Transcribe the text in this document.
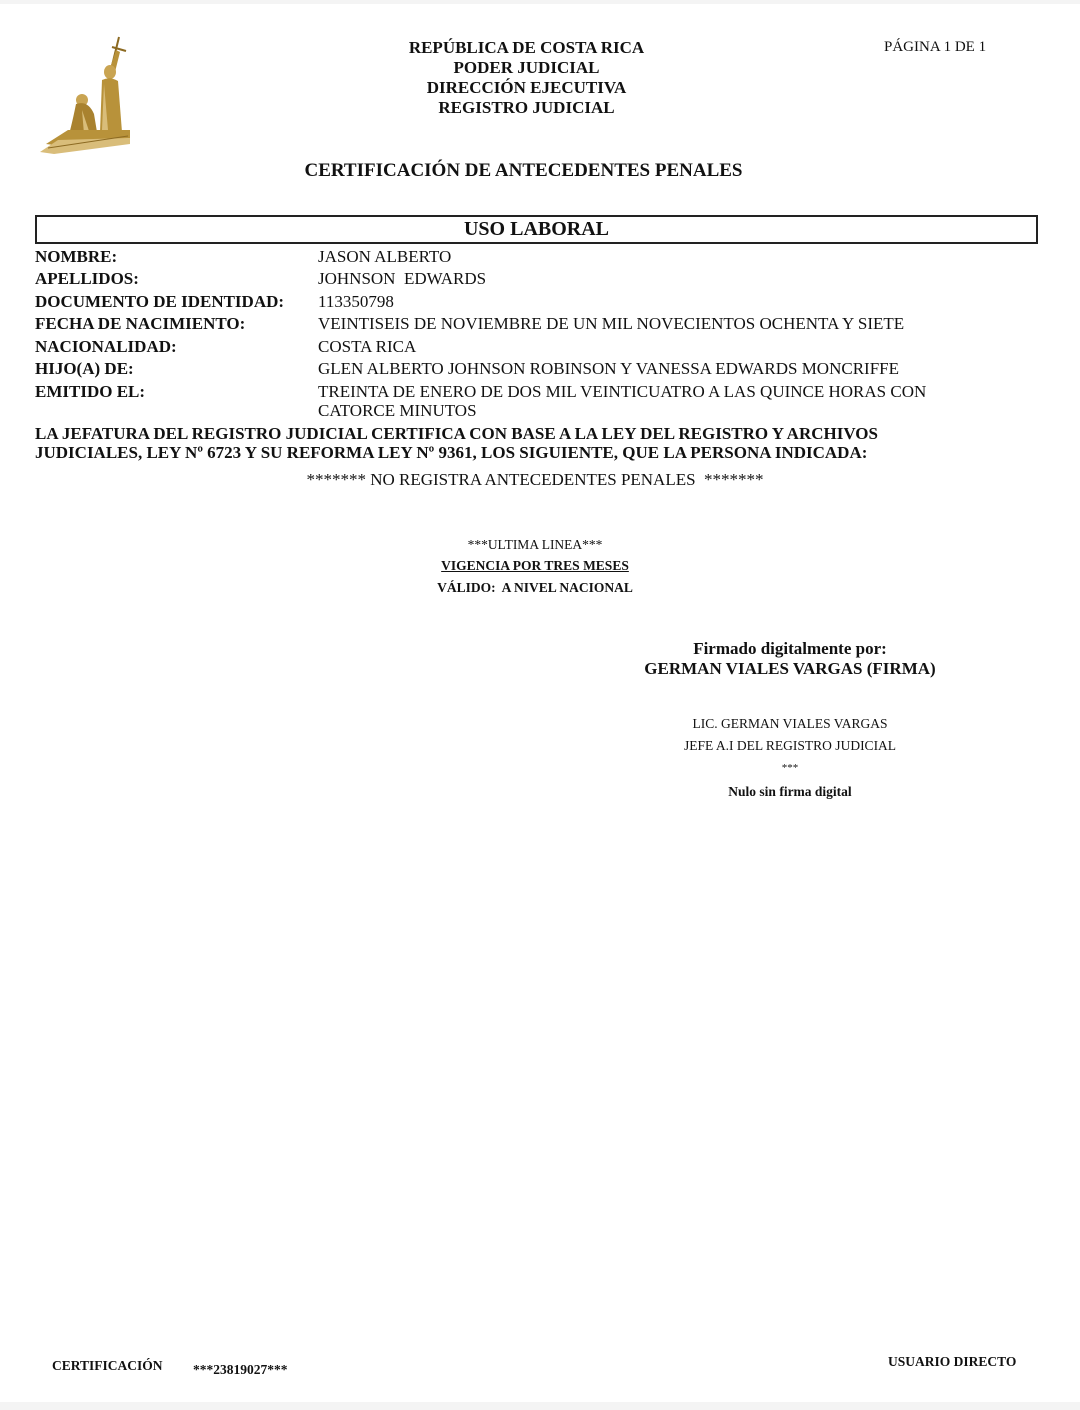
REPÚBLICA DE COSTA RICA
PODER JUDICIAL
DIRECCIÓN EJECUTIVA
REGISTRO JUDICIAL
PÁGINA 1 DE 1
CERTIFICACIÓN DE ANTECEDENTES PENALES
USO LABORAL
NOMBRE:	JASON ALBERTO
APELLIDOS:	JOHNSON  EDWARDS
DOCUMENTO DE IDENTIDAD: 113350798
FECHA DE NACIMIENTO:	VEINTISEIS DE NOVIEMBRE DE UN MIL NOVECIENTOS OCHENTA Y SIETE
NACIONALIDAD:	COSTA RICA
HIJO(A) DE:	GLEN ALBERTO JOHNSON ROBINSON Y VANESSA EDWARDS MONCRIFFE
EMITIDO EL:	TREINTA DE ENERO DE DOS MIL VEINTICUATRO A LAS QUINCE HORAS CON
CATORCE MINUTOS
LA JEFATURA DEL REGISTRO JUDICIAL CERTIFICA CON BASE A LA LEY DEL REGISTRO Y ARCHIVOS
JUDICIALES, LEY Nº 6723 Y SU REFORMA LEY Nº 9361, LOS SIGUIENTE, QUE LA PERSONA INDICADA:
******* NO REGISTRA ANTECEDENTES PENALES  *******
***ULTIMA LINEA***
VIGENCIA POR TRES MESES
VÁLIDO:  A NIVEL NACIONAL
Firmado digitalmente por:
GERMAN VIALES VARGAS (FIRMA)
LIC. GERMAN VIALES VARGAS
JEFE A.I DEL REGISTRO JUDICIAL
***
Nulo sin firma digital
CERTIFICACIÓN ***23819027***
USUARIO DIRECTO
